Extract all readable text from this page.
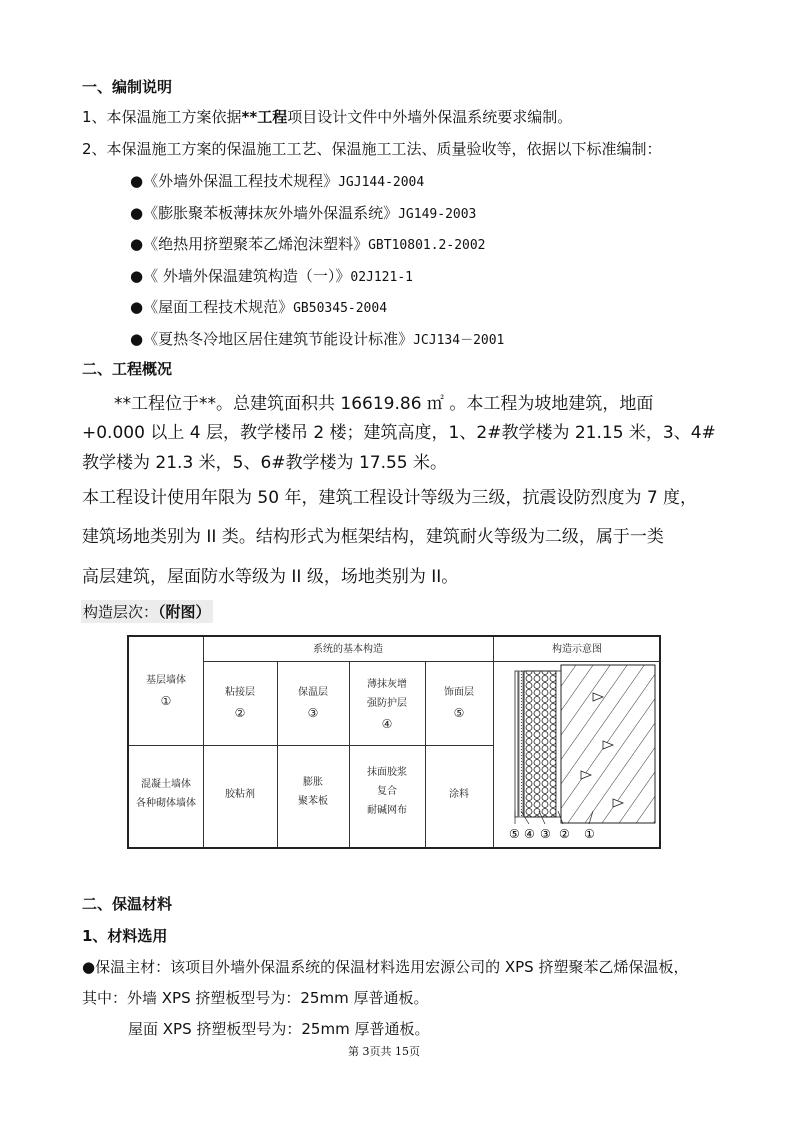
一、编制说明
1、本保温施工方案依据**工程项目设计文件中外墙外保温系统要求编制。
2、本保温施工方案的保温施工工艺、保温施工工法、质量验收等，依据以下标准编制：
●《外墙外保温工程技术规程》JGJ144-2004
●《膨胀聚苯板薄抹灰外墙外保温系统》JG149-2003
●《绝热用挤塑聚苯乙烯泡沫塑料》GBT10801.2-2002
●《 外墙外保温建筑构造（一）》02J121-1
●《屋面工程技术规范》GB50345-2004
●《夏热冬冷地区居住建筑节能设计标准》JCJ134－2001
二、工程概况
**工程位于**。总建筑面积共 16619.86 ㎡ 。本工程为坡地建筑，地面
+0.000 以上 4 层，教学楼吊 2 楼；建筑高度，1、2#教学楼为 21.15 米，3、4#
教学楼为 21.3 米，5、6#教学楼为 17.55 米。
本工程设计使用年限为 50 年，建筑工程设计等级为三级，抗震设防烈度为 7 度，
建筑场地类别为 II 类。结构形式为框架结构，建筑耐火等级为二级，属于一类
高层建筑，屋面防水等级为 II 级，场地类别为 II。
构造层次：（附图）
系统的基本构造	构造示意图
基层墙体
①
混凝土墙体
各种砌体墙体
粘接层
②
胶粘剂
保温层
③
膨胀
聚苯板
薄抹灰增
强防护层
④
抹面胶浆
复合
耐碱网布
饰面层
⑤
涂料
⑤ ④ ③ ② ①
二、保温材料
1、材料选用
●保温主材：该项目外墙外保温系统的保温材料选用宏源公司的 XPS 挤塑聚苯乙烯保温板，
其中：外墙 XPS 挤塑板型号为：25mm 厚普通板。
屋面 XPS 挤塑板型号为：25mm 厚普通板。
第 3页共 15页
